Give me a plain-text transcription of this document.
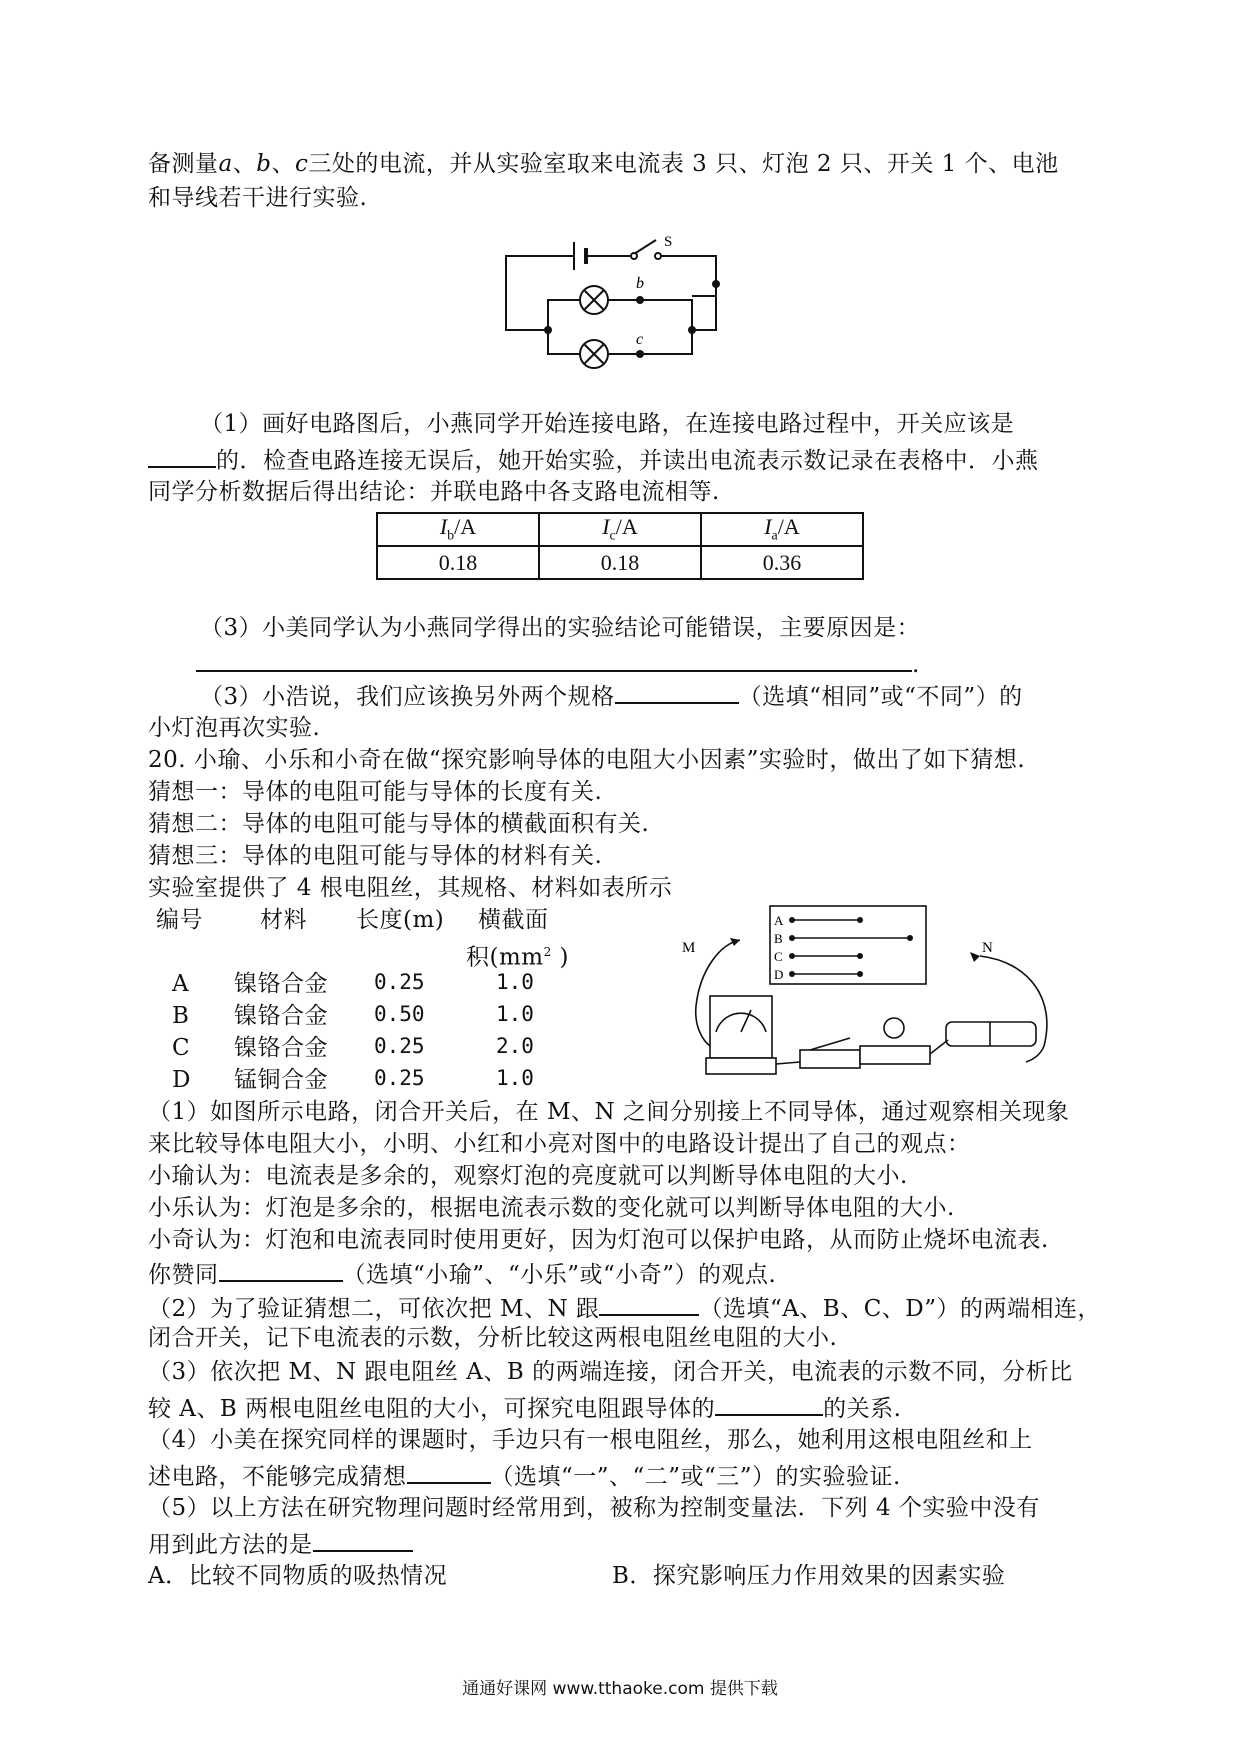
备测量a、b、c三处的电流，并从实验室取来电流表 3 只、灯泡 2 只、开关 1 个、电池
和导线若干进行实验.
S
b
c
（1）画好电路图后，小燕同学开始连接电路，在连接电路过程中，开关应该是
的．检查电路连接无误后，她开始实验，并读出电流表示数记录在表格中．小燕
同学分析数据后得出结论：并联电路中各支路电流相等.
$I_b/A$	$I_c/A$	$I_a/A$
0.18	0.18	0.36
（3）小美同学认为小燕同学得出的实验结论可能错误，主要原因是：
.
（3）小浩说，我们应该换另外两个规格	（选填“相同”或“不同”）的
小灯泡再次实验.
20. 小瑜、小乐和小奇在做“探究影响导体的电阻大小因素”实验时，做出了如下猜想.
猜想一：导体的电阻可能与导体的长度有关.
猜想二：导体的电阻可能与导体的横截面积有关.
猜想三：导体的电阻可能与导体的材料有关.
实验室提供了 4 根电阻丝，其规格、材料如表所示
编号 材料 长度(m) 横截面
积($mm^2$ )
A 镍铬合金 0.25	1.0
B 镍铬合金 0.50	1.0
C 镍铬合金 0.25	2.0
D 锰铜合金 0.25	1.0
A
B
C
D
M	N
（1）如图所示电路，闭合开关后，在 M、N 之间分别接上不同导体，通过观察相关现象
来比较导体电阻大小，小明、小红和小亮对图中的电路设计提出了自己的观点：
小瑜认为：电流表是多余的，观察灯泡的亮度就可以判断导体电阻的大小.
小乐认为：灯泡是多余的，根据电流表示数的变化就可以判断导体电阻的大小.
小奇认为：灯泡和电流表同时使用更好，因为灯泡可以保护电路，从而防止烧坏电流表.
你赞同	（选填“小瑜”、“小乐”或“小奇”）的观点.
（2）为了验证猜想二，可依次把 M、N 跟	（选填“A、B、C、D”）的两端相连，
闭合开关，记下电流表的示数，分析比较这两根电阻丝电阻的大小.
（3）依次把 M、N 跟电阻丝 A、B 的两端连接，闭合开关，电流表的示数不同，分析比
较 A、B 两根电阻丝电阻的大小，可探究电阻跟导体的	的关系.
（4）小美在探究同样的课题时，手边只有一根电阻丝，那么，她利用这根电阻丝和上
述电路，不能够完成猜想	（选填“一”、“二”或“三”）的实验验证.
（5）以上方法在研究物理问题时经常用到，被称为控制变量法．下列 4 个实验中没有
用到此方法的是
A．比较不同物质的吸热情况	B．探究影响压力作用效果的因素实验
通通好课网 www.tthaoke.com 提供下载
